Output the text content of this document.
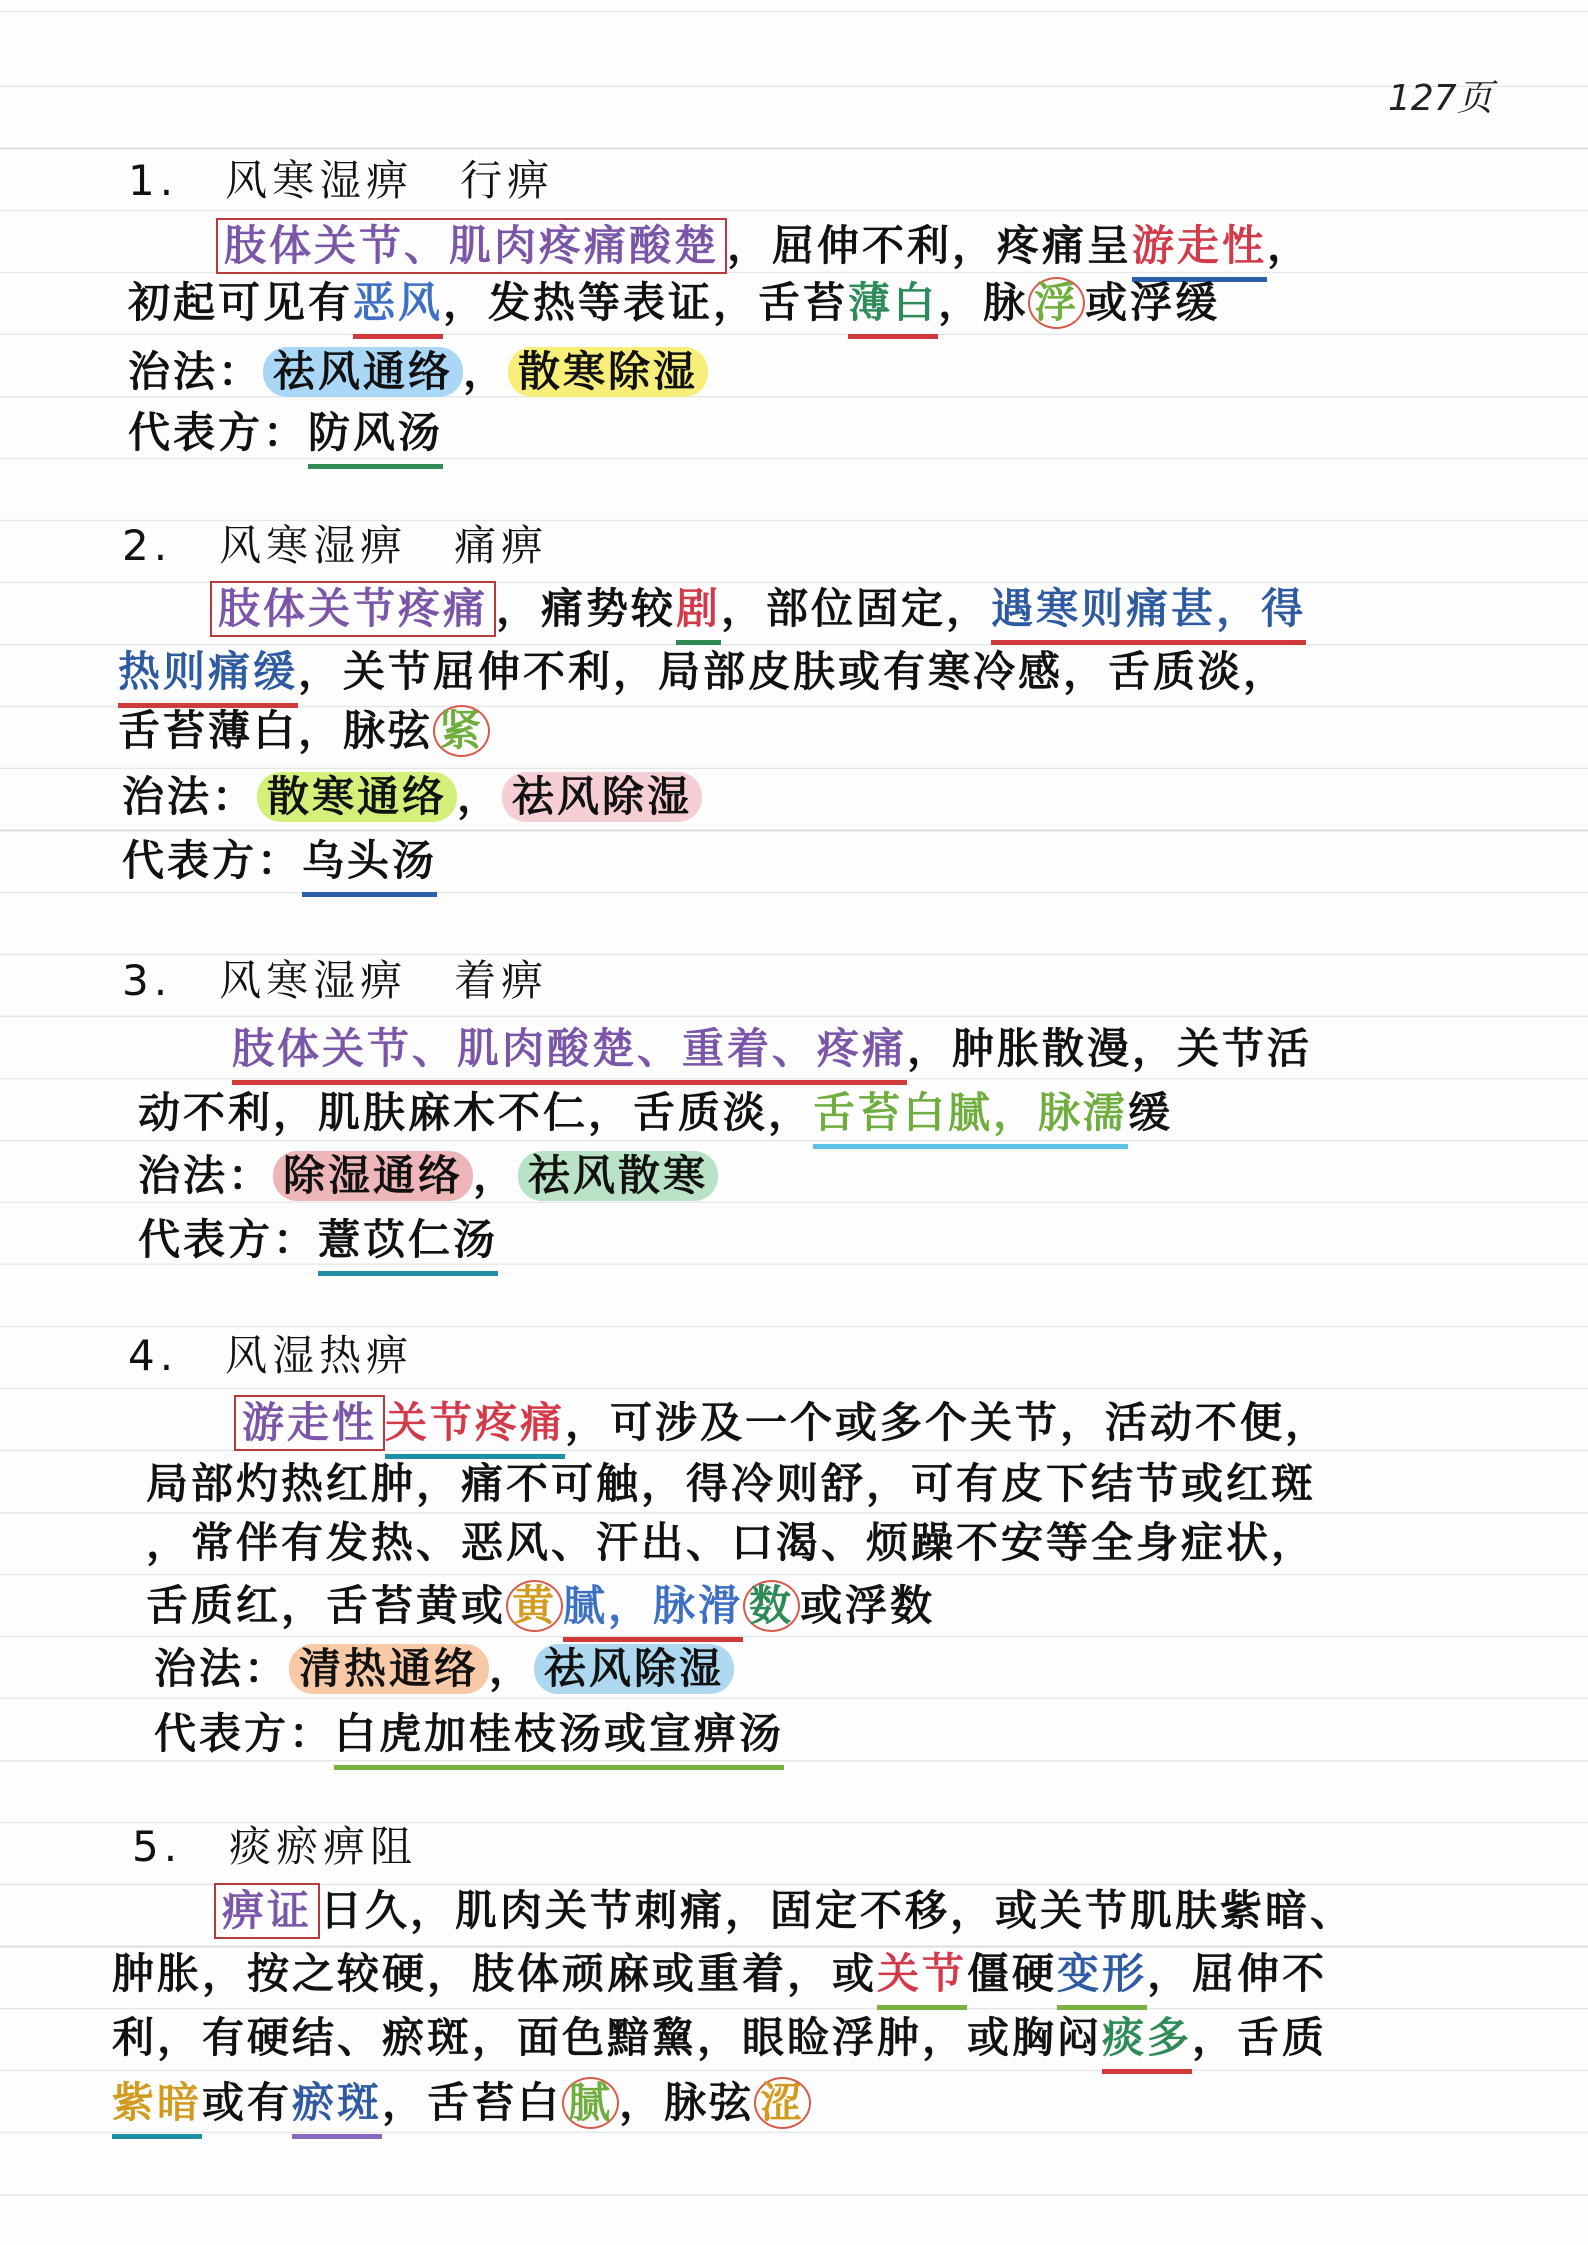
127页
1.　风寒湿痹　行痹
肢体关节、肌肉疼痛酸楚 ，屈伸不利，疼痛呈游走性，
初起可见有恶风，发热等表证，舌苔薄白，脉 浮 或浮缓
治法： 祛风通络 ， 散寒除湿
代表方：防风汤
2.　风寒湿痹　痛痹
肢体关节疼痛 ，痛势较剧，部位固定，遇寒则痛甚，得
热则痛缓，关节屈伸不利，局部皮肤或有寒冷感，舌质淡，
舌苔薄白，脉弦 紧
治法： 散寒通络 ， 祛风除湿
代表方：乌头汤
3.　风寒湿痹　着痹
肢体关节、肌肉酸楚、重着、疼痛，肿胀散漫，关节活
动不利，肌肤麻木不仁，舌质淡，舌苔白腻，脉濡缓
治法： 除湿通络 ， 祛风散寒
代表方：薏苡仁汤
4.　风湿热痹
游走性 关节疼痛，可涉及一个或多个关节，活动不便，
局部灼热红肿，痛不可触，得冷则舒，可有皮下结节或红斑
，常伴有发热、恶风、汗出、口渴、烦躁不安等全身症状，
舌质红，舌苔黄或 黄 腻，脉滑 数 或浮数
治法： 清热通络 ， 祛风除湿
代表方：白虎加桂枝汤或宣痹汤
5.　痰瘀痹阻
痹证 日久，肌肉关节刺痛，固定不移，或关节肌肤紫暗、
肿胀，按之较硬，肢体顽麻或重着，或关节僵硬变形，屈伸不
利，有硬结、瘀斑，面色黯黧，眼睑浮肿，或胸闷痰多，舌质
紫暗或有瘀斑，舌苔白 腻 ，脉弦 涩
